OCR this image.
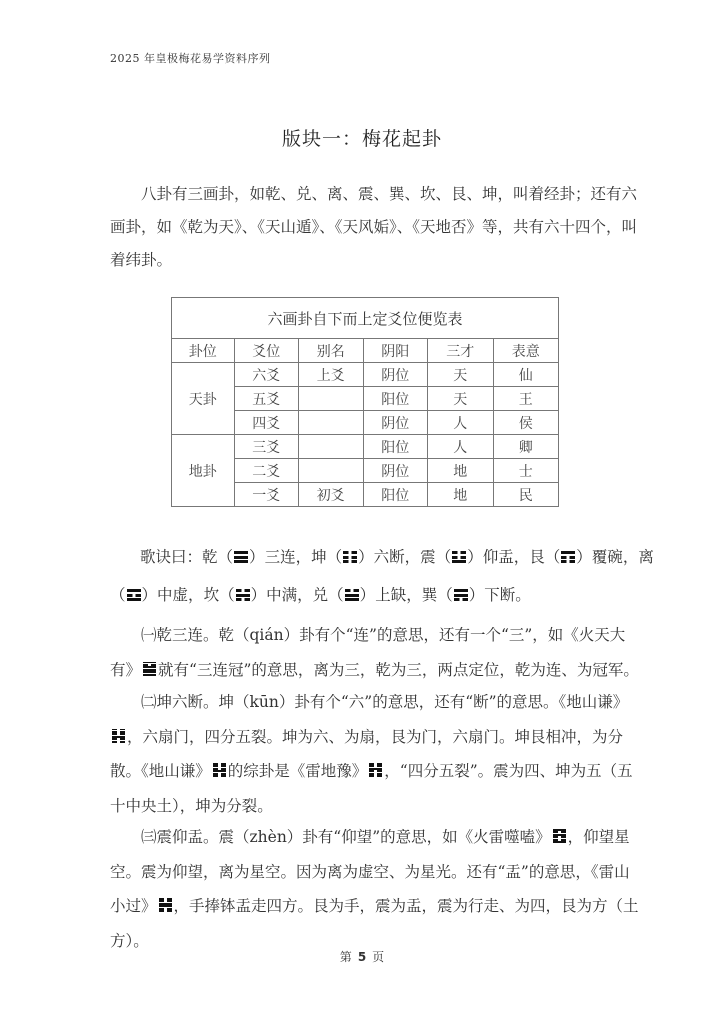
2025 年皇极梅花易学资料序列
版块一：梅花起卦
八卦有三画卦，如乾、兑、离、震、巽、坎、艮、坤，叫着经卦；还有六画卦，如《乾为天》、《天山遁》、《天风姤》、《天地否》等，共有六十四个，叫着纬卦。
六画卦自下而上定爻位便览表					
卦位	爻位	别名	阴阳	三才	表意
天卦	六爻	上爻	阴位	天	仙
	五爻		阳位	天	王
	四爻		阴位	人	侯
地卦	三爻		阳位	人	卿
	二爻		阴位	地	士
	一爻	初爻	阳位	地	民
歌诀曰：乾（ ）三连，坤（ ）六断，震（ ）仰盂，艮（ ）覆碗，离
（ ）中虚，坎（ ）中满，兑（ ）上缺，巽（ ）下断。
㈠乾三连。乾（qián）卦有个“连”的意思，还有一个“三”，如《火天大有》 就有“三连冠”的意思，离为三，乾为三，两点定位，乾为连、为冠军。
㈡坤六断。坤（kūn）卦有个“六”的意思，还有“断”的意思。《地山谦》
，六扇门，四分五裂。坤为六、为扇，艮为门，六扇门。坤艮相冲，为分散。《地山谦》 的综卦是《雷地豫》 ，“四分五裂”。震为四、坤为五（五十中央土），坤为分裂。
㈢震仰盂。震（zhèn）卦有“仰望”的意思，如《火雷噬嗑》 ，仰望星空。震为仰望，离为星空。因为离为虚空、为星光。还有“盂”的意思，《雷山小过》 ，手捧钵盂走四方。艮为手，震为盂，震为行走、为四，艮为方（土方）。
第 5 页
